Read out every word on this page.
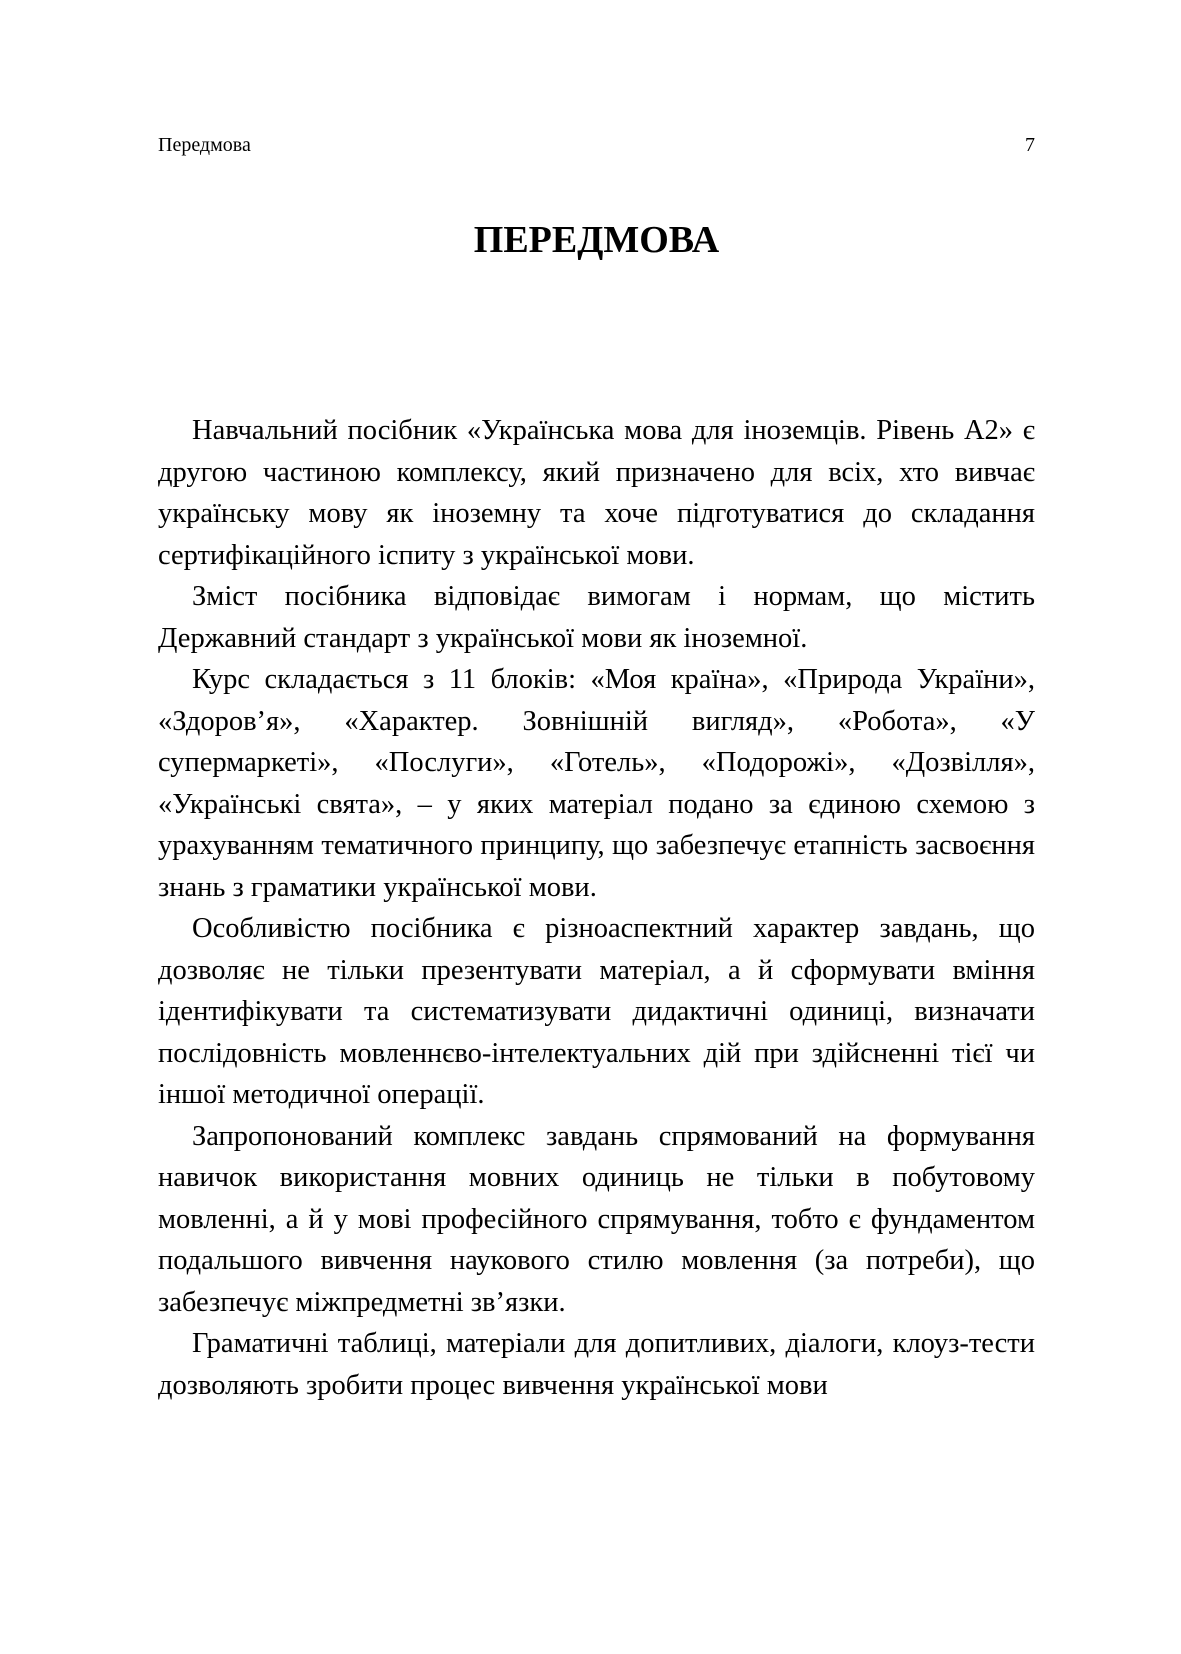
Передмова	7
ПЕРЕДМОВА

Навчальний посібник «Українська мова для іноземців. Рівень А2» є другою частиною комплексу, який призначено для всіх, хто вивчає українську мову як іноземну та хоче підготуватися до складання сертифікаційного іспиту з української мови.

Зміст посібника відповідає вимогам і нормам, що містить Державний стандарт з української мови як іноземної.

Курс складається з 11 блоків: «Моя країна», «Природа України», «Здоров’я», «Характер. Зовнішній вигляд», «Робота», «У супермаркеті», «Послуги», «Готель», «Подорожі», «Дозвілля», «Українські свята», – у яких матеріал подано за єдиною схемою з урахуванням тематичного принципу, що забезпечує етапність засвоєння знань з граматики української мови.

Особливістю посібника є різноаспектний характер завдань, що дозволяє не тільки презентувати матеріал, а й сформувати вміння ідентифікувати та систематизувати дидактичні одиниці, визначати послідовність мовленнєво-інтелектуальних дій при здійсненні тієї чи іншої методичної операції.

Запропонований комплекс завдань спрямований на формування навичок використання мовних одиниць не тільки в побутовому мовленні, а й у мові професійного спрямування, тобто є фундаментом подальшого вивчення наукового стилю мовлення (за потреби), що забезпечує міжпредметні зв’язки.

Граматичні таблиці, матеріали для допитливих, діалоги, клоуз-тести дозволяють зробити процес вивчення української мови
